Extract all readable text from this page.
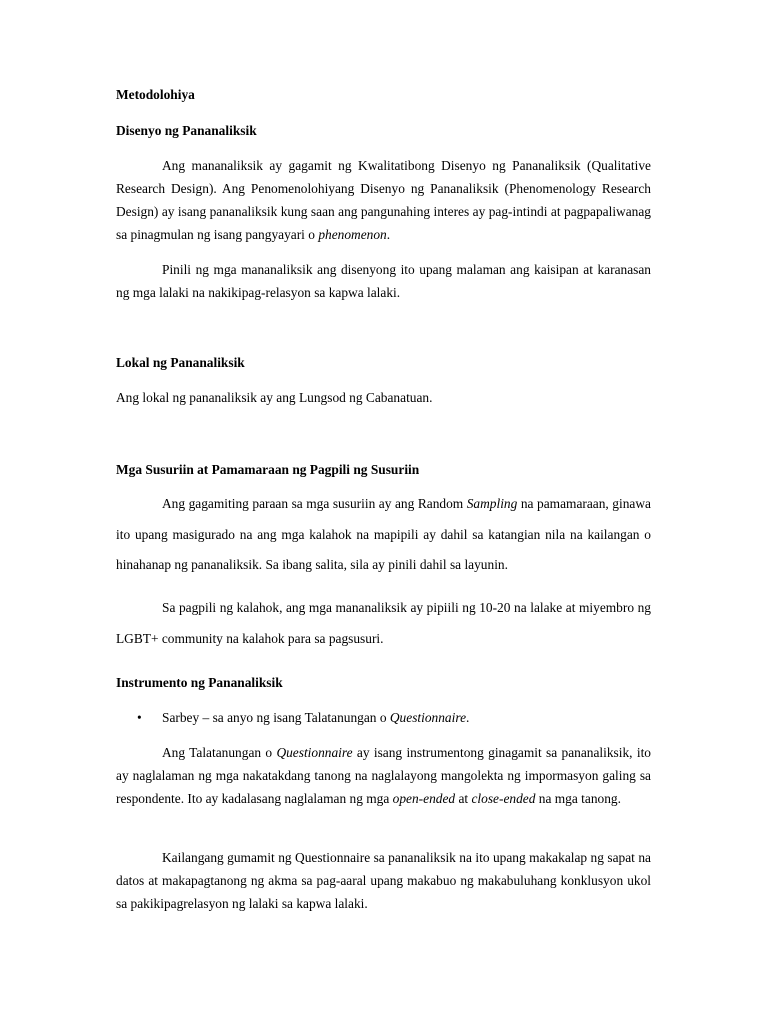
Metodolohiya

Disenyo ng Pananaliksik

Ang mananaliksik ay gagamit ng Kwalitatibong Disenyo ng Pananaliksik (Qualitative Research Design). Ang Penomenolohiyang Disenyo ng Pananaliksik (Phenomenology Research Design) ay isang pananaliksik kung saan ang pangunahing interes ay pag-intindi at pagpapaliwanag sa pinagmulan ng isang pangyayari o phenomenon.

Pinili ng mga mananaliksik ang disenyong ito upang malaman ang kaisipan at karanasan ng mga lalaki na nakikipag-relasyon sa kapwa lalaki.

Lokal ng Pananaliksik

Ang lokal ng pananaliksik ay ang Lungsod ng Cabanatuan.

Mga Susuriin at Pamamaraan ng Pagpili ng Susuriin

Ang gagamiting paraan sa mga susuriin ay ang Random Sampling na pamamaraan, ginawa ito upang masigurado na ang mga kalahok na mapipili ay dahil sa katangian nila na kailangan o hinahanap ng pananaliksik. Sa ibang salita, sila ay pinili dahil sa layunin.

Sa pagpili ng kalahok, ang mga mananaliksik ay pipiili ng 10-20 na lalake at miyembro ng LGBT+ community na kalahok para sa pagsusuri.

Instrumento ng Pananaliksik

• Sarbey – sa anyo ng isang Talatanungan o Questionnaire.

Ang Talatanungan o Questionnaire ay isang instrumentong ginagamit sa pananaliksik, ito ay naglalaman ng mga nakatakdang tanong na naglalayong mangolekta ng impormasyon galing sa respondente. Ito ay kadalasang naglalaman ng mga open-ended at close-ended na mga tanong.

Kailangang gumamit ng Questionnaire sa pananaliksik na ito upang makakalap ng sapat na datos at makapagtanong ng akma sa pag-aaral upang makabuo ng makabuluhang konklusyon ukol sa pakikipagrelasyon ng lalaki sa kapwa lalaki.
